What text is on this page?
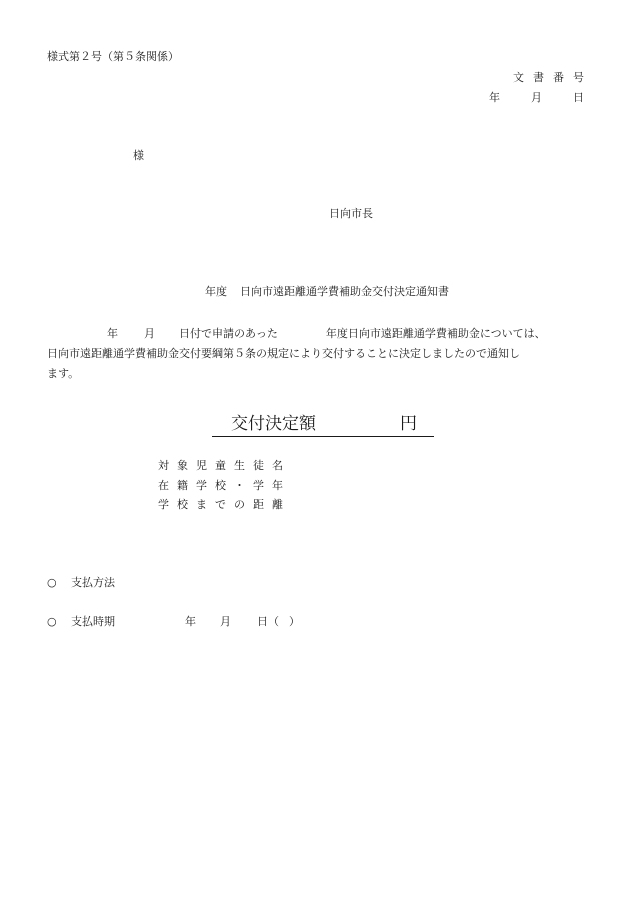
様式第２号（第５条関係）
文書番号
年	月	日
様
日向市長
年度 日向市遠距離通学費補助金交付決定通知書
年 月 日付で申請のあった	年度日向市遠距離通学費補助金については、
日向市遠距離通学費補助金交付要綱第５条の規定により交付することに決定しましたので通知し
ます。
交付決定額	円
対象児童生徒名
在籍学校・学年
学校までの距離
○ 支払方法
○ 支払時期	年 月 日（ ）
